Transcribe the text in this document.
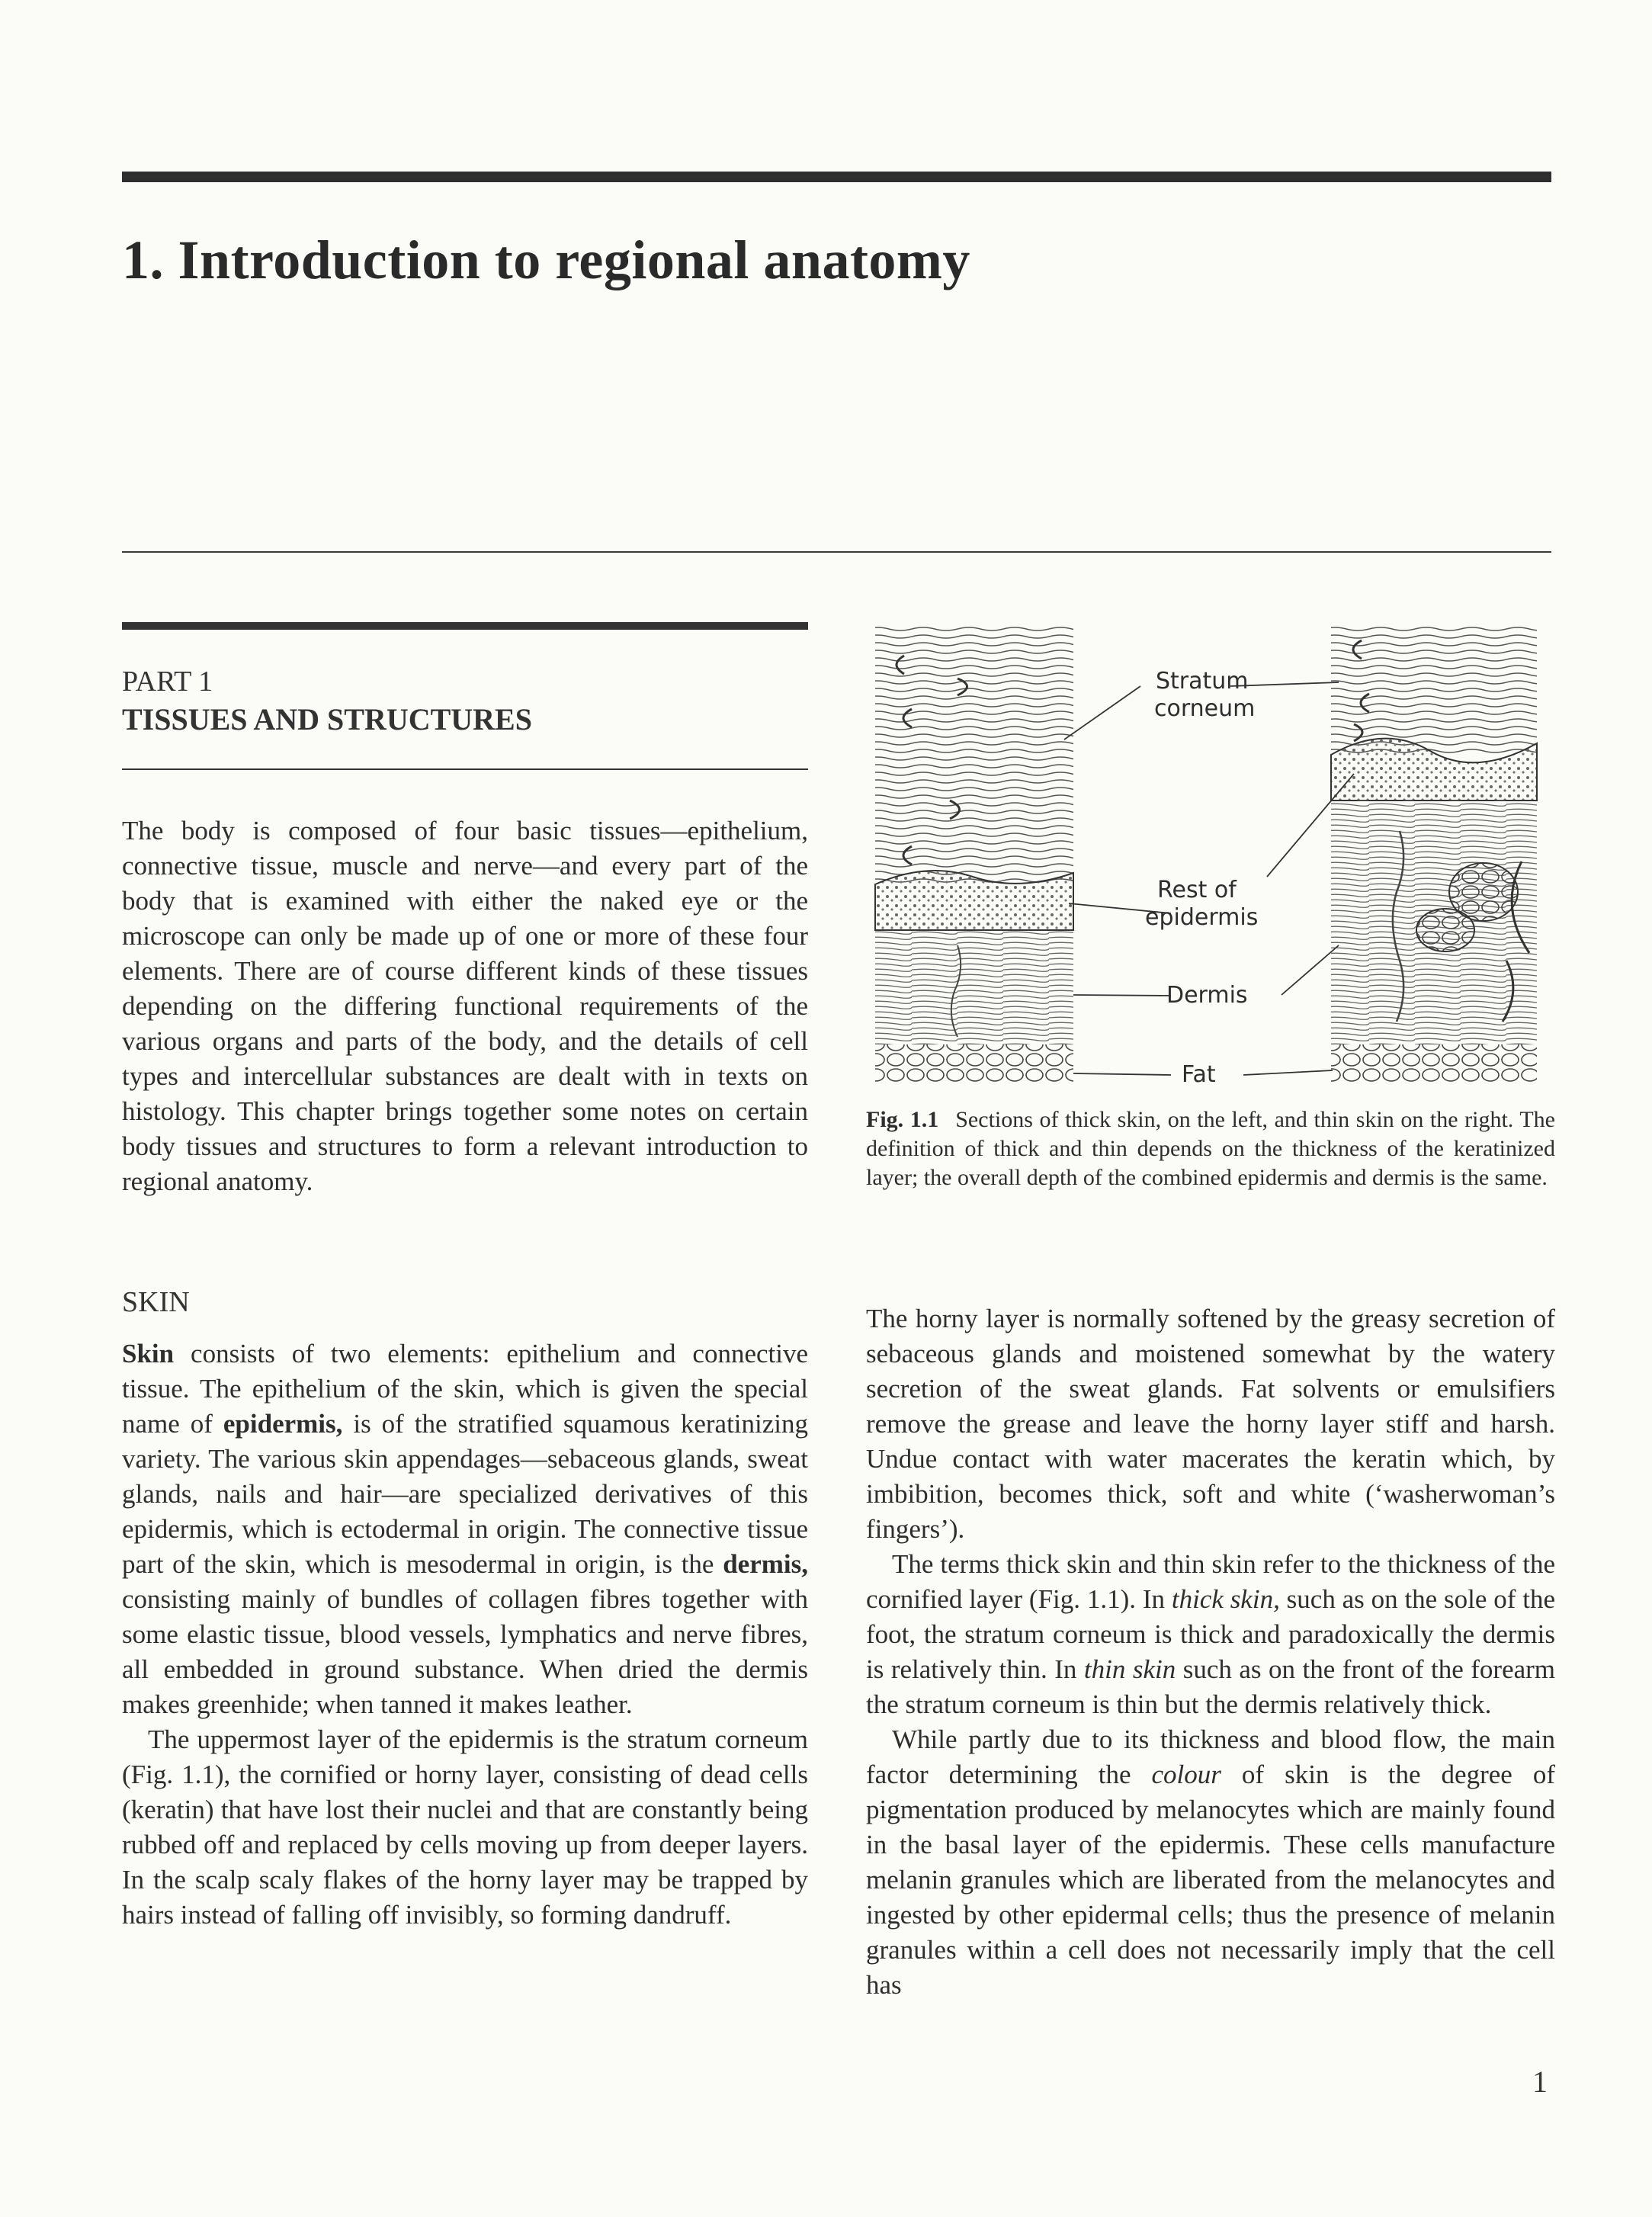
1. Introduction to regional anatomy
PART 1
TISSUES AND STRUCTURES

The body is composed of four basic tissues—epithelium, connective tissue, muscle and nerve—and every part of the body that is examined with either the naked eye or the microscope can only be made up of one or more of these four elements. There are of course different kinds of these tissues depending on the differing functional requirements of the various organs and parts of the body, and the details of cell types and intercellular substances are dealt with in texts on histology. This chapter brings together some notes on certain body tissues and structures to form a relevant introduction to regional anatomy.

SKIN

Skin consists of two elements: epithelium and connective tissue. The epithelium of the skin, which is given the special name of epidermis, is of the stratified squamous keratinizing variety. The various skin appendages—sebaceous glands, sweat glands, nails and hair—are specialized derivatives of this epidermis, which is ectodermal in origin. The connective tissue part of the skin, which is mesodermal in origin, is the dermis, consisting mainly of bundles of collagen fibres together with some elastic tissue, blood vessels, lymphatics and nerve fibres, all embedded in ground substance. When dried the dermis makes greenhide; when tanned it makes leather.

The uppermost layer of the epidermis is the stratum corneum (Fig. 1.1), the cornified or horny layer, consisting of dead cells (keratin) that have lost their nuclei and that are constantly being rubbed off and replaced by cells moving up from deeper layers. In the scalp scaly flakes of the horny layer may be trapped by hairs instead of falling off invisibly, so forming dandruff.

Stratum
corneum
Rest of
epidermis
Dermis
Fat
Fig. 1.1 Sections of thick skin, on the left, and thin skin on the right. The definition of thick and thin depends on the thickness of the keratinized layer; the overall depth of the combined epidermis and dermis is the same.

The horny layer is normally softened by the greasy secretion of sebaceous glands and moistened somewhat by the watery secretion of the sweat glands. Fat solvents or emulsifiers remove the grease and leave the horny layer stiff and harsh. Undue contact with water macerates the keratin which, by imbibition, becomes thick, soft and white (‘washerwoman’s fingers’).

The terms thick skin and thin skin refer to the thickness of the cornified layer (Fig. 1.1). In thick skin, such as on the sole of the foot, the stratum corneum is thick and paradoxically the dermis is relatively thin. In thin skin such as on the front of the forearm the stratum corneum is thin but the dermis relatively thick.

While partly due to its thickness and blood flow, the main factor determining the colour of skin is the degree of pigmentation produced by melanocytes which are mainly found in the basal layer of the epidermis. These cells manufacture melanin granules which are liberated from the melanocytes and ingested by other epidermal cells; thus the presence of melanin granules within a cell does not necessarily imply that the cell has

1
